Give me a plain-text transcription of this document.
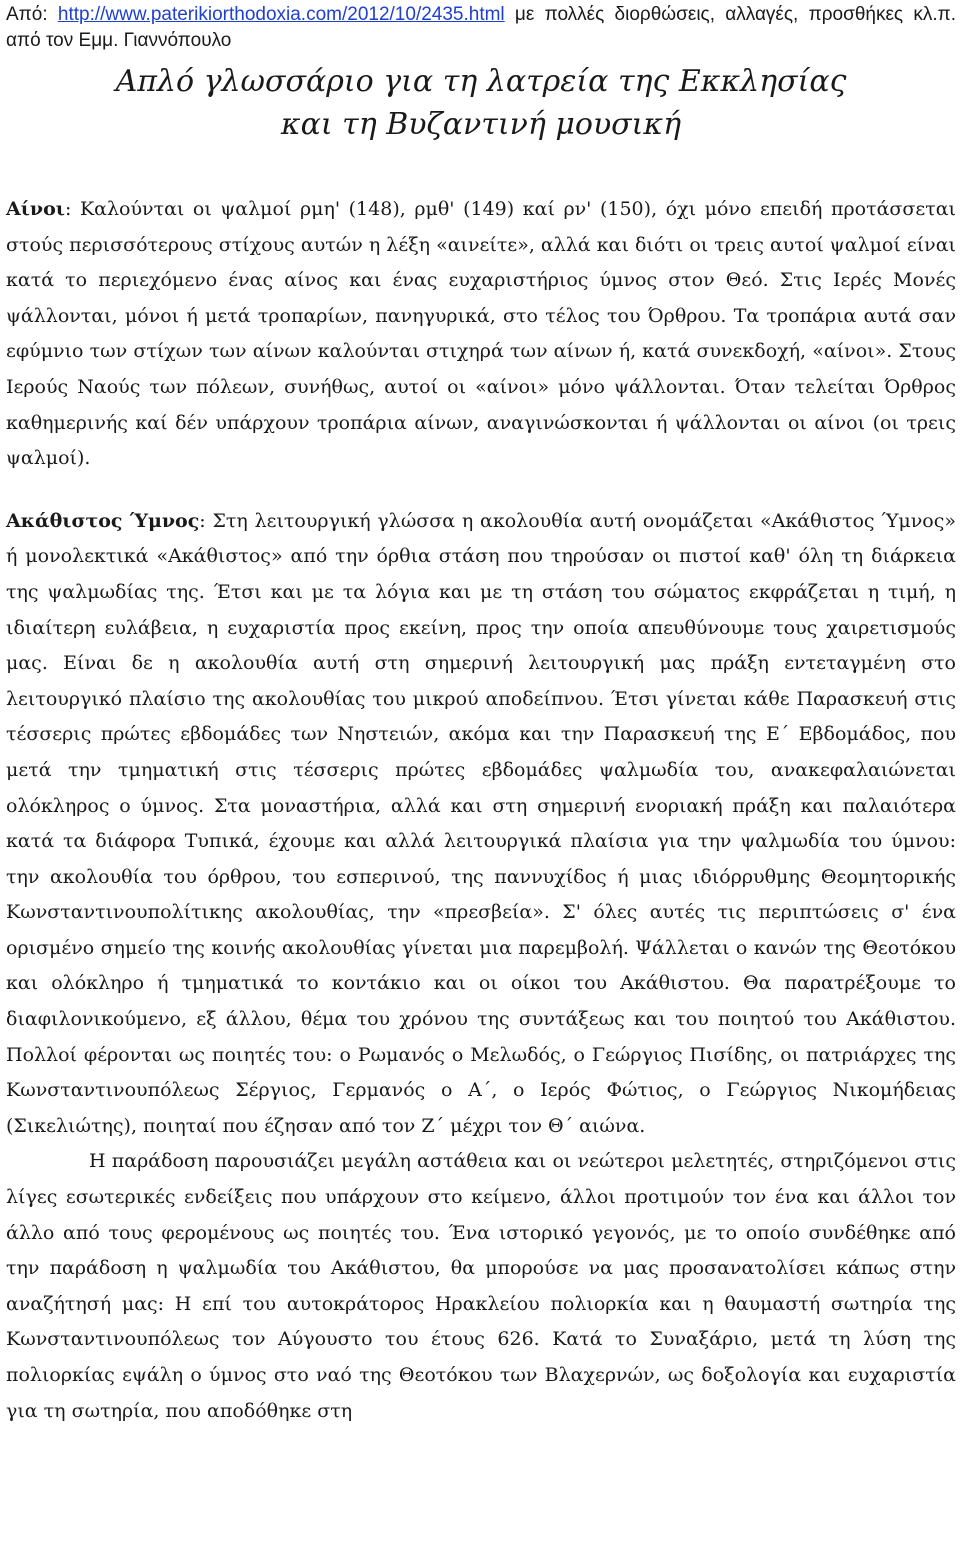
Από: http://www.paterikiorthodoxia.com/2012/10/2435.html με πολλές διορθώσεις, αλλαγές, προσθήκες κλ.π. από τον Εμμ. Γιαννόπουλο
Απλό γλωσσάριο για τη λατρεία της Εκκλησίας
και τη Βυζαντινή μουσική

Αίνοι: Καλούνται οι ψαλμοί ρμη' (148), ρμθ' (149) καί ρν' (150), όχι μόνο επειδή προτάσσεται στούς περισσότερους στίχους αυτών η λέξη «αινείτε», αλλά και διότι οι τρεις αυτοί ψαλμοί είναι κατά το περιεχόμενο ένας αίνος και ένας ευχαριστήριος ύμνος στον Θεό. Στις Ιερές Μονές ψάλλονται, μόνοι ή μετά τροπαρίων, πανηγυρικά, στο τέλος του Όρθρου. Τα τροπάρια αυτά σαν εφύμνιο των στίχων των αίνων καλούνται στιχηρά των αίνων ή, κατά συνεκδοχή, «αίνοι». Στους Ιερούς Ναούς των πόλεων, συνήθως, αυτοί οι «αίνοι» μόνο ψάλλονται. Όταν τελείται Όρθρος καθημερινής καί δέν υπάρχουν τροπάρια αίνων, αναγινώσκονται ή ψάλλονται οι αίνοι (οι τρεις ψαλμοί).

Ακάθιστος Ύμνος: Στη λειτουργική γλώσσα η ακολουθία αυτή ονομάζεται «Ακάθιστος Ύμνος» ή μονολεκτικά «Ακάθιστος» από την όρθια στάση που τηρούσαν οι πιστοί καθ' όλη τη διάρκεια της ψαλμωδίας της. Έτσι και με τα λόγια και με τη στάση του σώματος εκφράζεται η τιμή, η ιδιαίτερη ευλάβεια, η ευχαριστία προς εκείνη, προς την οποία απευθύνουμε τους χαιρετισμούς μας. Είναι δε η ακολουθία αυτή στη σημερινή λειτουργική μας πράξη εντεταγμένη στο λειτουργικό πλαίσιο της ακολουθίας του μικρού αποδείπνου. Έτσι γίνεται κάθε Παρασκευή στις τέσσερις πρώτες εβδομάδες των Νηστειών, ακόμα και την Παρασκευή της Ε΄ Εβδομάδος, που μετά την τμηματική στις τέσσερις πρώτες εβδομάδες ψαλμωδία του, ανακεφαλαιώνεται ολόκληρος ο ύμνος. Στα μοναστήρια, αλλά και στη σημερινή ενοριακή πράξη και παλαιότερα κατά τα διάφορα Τυπικά, έχουμε και αλλά λειτουργικά πλαίσια για την ψαλμωδία του ύμνου: την ακολουθία του όρθρου, του εσπερινού, της παννυχίδος ή μιας ιδιόρρυθμης Θεομητορικής Κωνσταντινουπολίτικης ακολουθίας, την «πρεσβεία». Σ' όλες αυτές τις περιπτώσεις σ' ένα ορισμένο σημείο της κοινής ακολουθίας γίνεται μια παρεμβολή. Ψάλλεται ο κανών της Θεοτόκου και ολόκληρο ή τμηματικά το κοντάκιο και οι οίκοι του Ακάθιστου. Θα παρατρέξουμε το διαφιλονικούμενο, εξ άλλου, θέμα του χρόνου της συντάξεως και του ποιητού του Ακάθιστου. Πολλοί φέρονται ως ποιητές του: ο Ρωμανός ο Μελωδός, ο Γεώργιος Πισίδης, οι πατριάρχες της Κωνσταντινουπόλεως Σέργιος, Γερμανός ο Α΄, ο Ιερός Φώτιος, ο Γεώργιος Νικομήδειας (Σικελιώτης), ποιηταί που έζησαν από τον Ζ΄ μέχρι τον Θ΄ αιώνα.

Η παράδοση παρουσιάζει μεγάλη αστάθεια και οι νεώτεροι μελετητές, στηριζόμενοι στις λίγες εσωτερικές ενδείξεις που υπάρχουν στο κείμενο, άλλοι προτιμούν τον ένα και άλλοι τον άλλο από τους φερομένους ως ποιητές του. Ένα ιστορικό γεγονός, με το οποίο συνδέθηκε από την παράδοση η ψαλμωδία του Ακάθιστου, θα μπορούσε να μας προσανατολίσει κάπως στην αναζήτησή μας: Η επί του αυτοκράτορος Ηρακλείου πολιορκία και η θαυμαστή σωτηρία της Κωνσταντινουπόλεως τον Αύγουστο του έτους 626. Κατά το Συναξάριο, μετά τη λύση της πολιορκίας εψάλη ο ύμνος στο ναό της Θεοτόκου των Βλαχερνών, ως δοξολογία και ευχαριστία για τη σωτηρία, που αποδόθηκε στη
